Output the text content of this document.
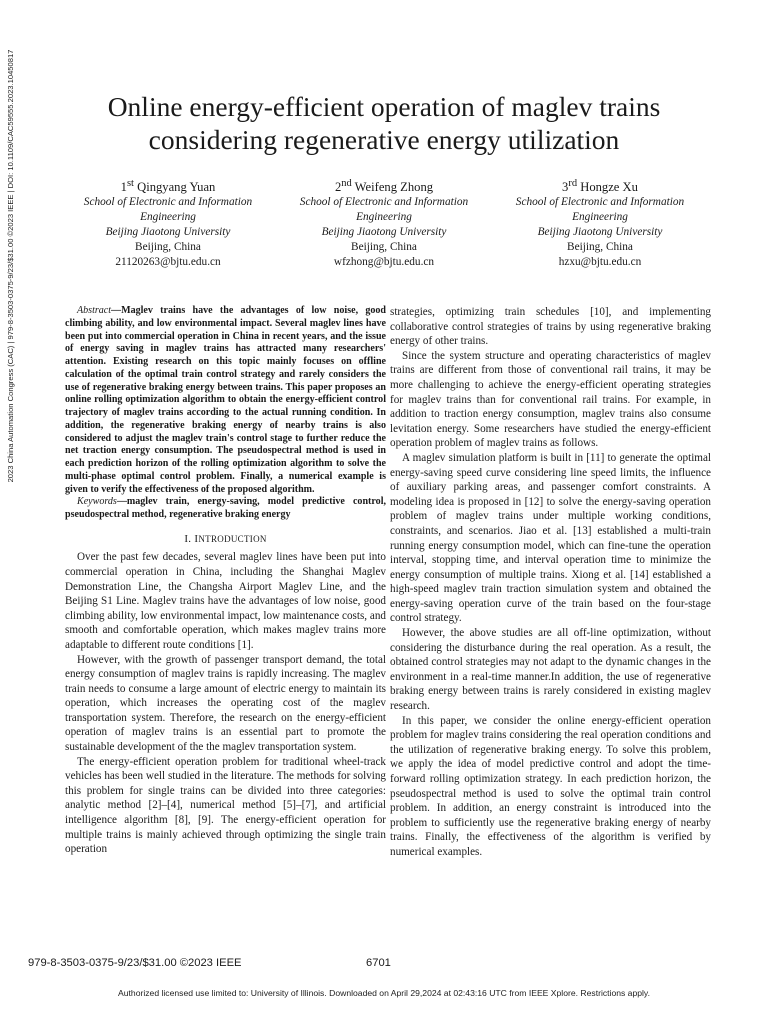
Online energy-efficient operation of maglev trains
considering regenerative energy utilization
1st Qingyang Yuan
School of Electronic and Information
Engineering
Beijing Jiaotong University
Beijing, China
21120263@bjtu.edu.cn
2nd Weifeng Zhong
School of Electronic and Information
Engineering
Beijing Jiaotong University
Beijing, China
wfzhong@bjtu.edu.cn
3rd Hongze Xu
School of Electronic and Information
Engineering
Beijing Jiaotong University
Beijing, China
hzxu@bjtu.edu.cn
2023 China Automation Congress (CAC) | 979-8-3503-0375-9/23/$31.00 ©2023 IEEE | DOI: 10.1109/CAC59555.2023.10450817	Abstract—Maglev trains have the advantages of low noise, good climbing ability, and low environmental impact. Several maglev lines have been put into commercial operation in China in recent years, and the issue of energy saving in maglev trains has attracted many researchers' attention. Existing research on this topic mainly focuses on offline calculation of the optimal train control strategy and rarely considers the use of regenerative braking energy between trains. This paper proposes an online rolling optimization algorithm to obtain the energy-efficient control trajectory of maglev trains according to the actual running condition. In addition, the regenerative braking energy of nearby trains is also considered to adjust the maglev train's control stage to further reduce the net traction energy consumption. The pseudospectral method is used in each prediction horizon of the rolling optimization algorithm to solve the multi-phase optimal control problem. Finally, a numerical example is given to verify the effectiveness of the proposed algorithm.

Keywords—maglev train, energy-saving, model predictive control, pseudospectral method, regenerative braking energy

I. INTRODUCTION

Over the past few decades, several maglev lines have been put into commercial operation in China, including the Shanghai Maglev Demonstration Line, the Changsha Airport Maglev Line, and the Beijing S1 Line. Maglev trains have the advantages of low noise, good climbing ability, low environmental impact, low maintenance costs, and smooth and comfortable operation, which makes maglev trains more adaptable to different route conditions [1].

However, with the growth of passenger transport demand, the total energy consumption of maglev trains is rapidly increasing. The maglev train needs to consume a large amount of electric energy to maintain its operation, which increases the operating cost of the maglev transportation system. Therefore, the research on the energy-efficient operation of maglev trains is an essential part to promote the sustainable development of the the maglev transportation system.

The energy-efficient operation problem for traditional wheel-track vehicles has been well studied in the literature. The methods for solving this problem for single trains can be divided into three categories: analytic method [2]–[4], numerical method [5]–[7], and artificial intelligence algorithm [8], [9]. The energy-efficient operation for multiple trains is mainly achieved through optimizing the single train operation

strategies, optimizing train schedules [10], and implementing collaborative control strategies of trains by using regenerative braking energy of other trains.

Since the system structure and operating characteristics of maglev trains are different from those of conventional rail trains, it may be more challenging to achieve the energy-efficient operating strategies for maglev trains than for conventional rail trains. For example, in addition to traction energy consumption, maglev trains also consume levitation energy. Some researchers have studied the energy-efficient operation problem of maglev trains as follows.

A maglev simulation platform is built in [11] to generate the optimal energy-saving speed curve considering line speed limits, the influence of auxiliary parking areas, and passenger comfort constraints. A modeling idea is proposed in [12] to solve the energy-saving operation problem of maglev trains under multiple working conditions, constraints, and scenarios. Jiao et al. [13] established a multi-train running energy consumption model, which can fine-tune the operation interval, stopping time, and interval operation time to minimize the energy consumption of multiple trains. Xiong et al. [14] established a high-speed maglev train traction simulation system and obtained the energy-saving operation curve of the train based on the four-stage control strategy.

However, the above studies are all off-line optimization, without considering the disturbance during the real operation. As a result, the obtained control strategies may not adapt to the dynamic changes in the environment in a real-time manner.In addition, the use of regenerative braking energy between trains is rarely considered in existing maglev research.

In this paper, we consider the online energy-efficient operation problem for maglev trains considering the real operation conditions and the utilization of regenerative braking energy. To solve this problem, we apply the idea of model predictive control and adopt the time-forward rolling optimization strategy. In each prediction horizon, the pseudospectral method is used to solve the optimal train control problem. In addition, an energy constraint is introduced into the problem to sufficiently use the regenerative braking energy of nearby trains. Finally, the effectiveness of the algorithm is verified by numerical examples.

979-8-3503-0375-9/23/$31.00 ©2023 IEEE	6701
Authorized licensed use limited to: University of Illinois. Downloaded on April 29,2024 at 02:43:16 UTC from IEEE Xplore. Restrictions apply.
